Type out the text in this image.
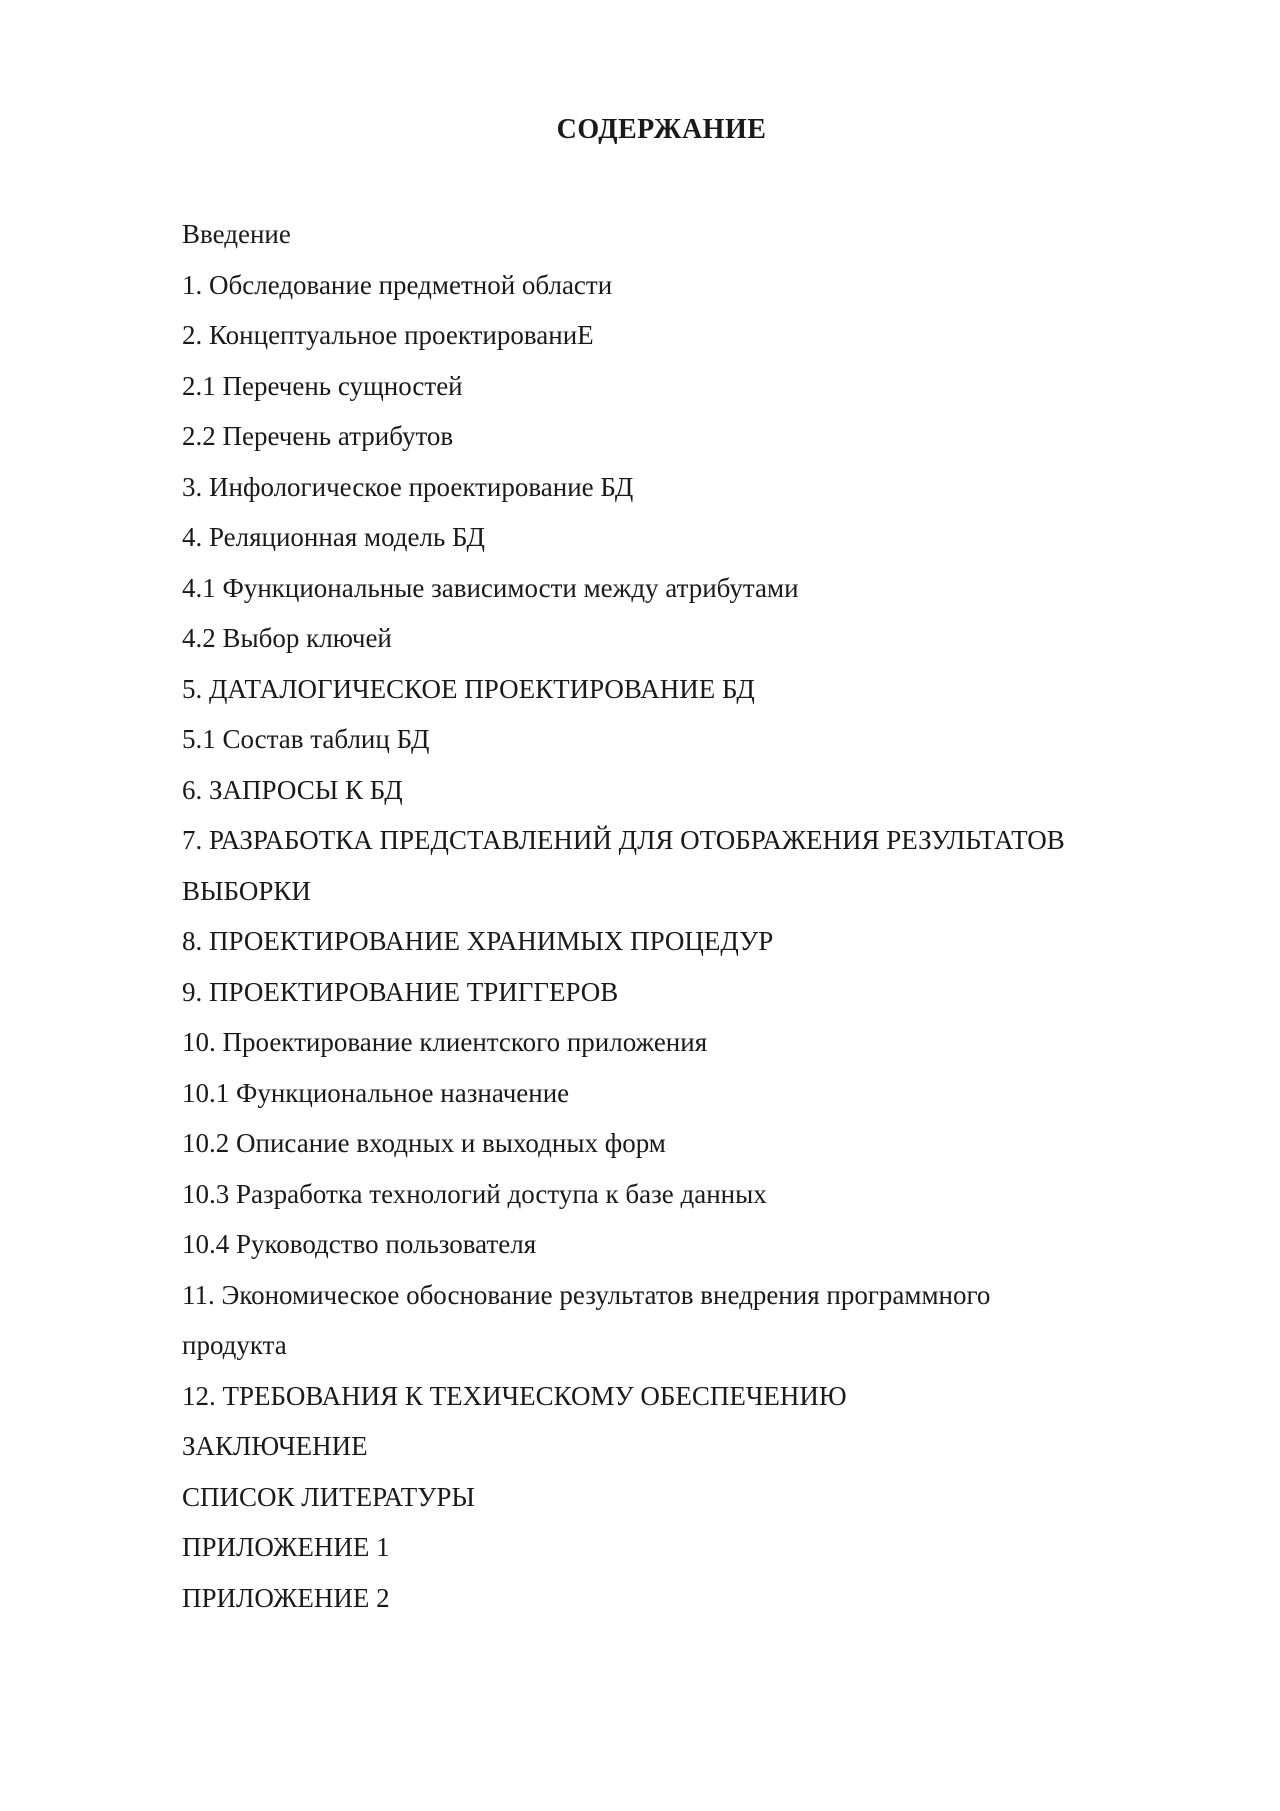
СОДЕРЖАНИЕ
Введение
1. Обследование предметной области
2. Концептуальное проектированиЕ
2.1 Перечень сущностей
2.2 Перечень атрибутов
3. Инфологическое проектирование БД
4. Реляционная модель БД
4.1 Функциональные зависимости между атрибутами
4.2 Выбор ключей
5. ДАТАЛОГИЧЕСКОЕ ПРОЕКТИРОВАНИЕ БД
5.1 Состав таблиц БД
6. ЗАПРОСЫ К БД
7. РАЗРАБОТКА ПРЕДСТАВЛЕНИЙ ДЛЯ ОТОБРАЖЕНИЯ РЕЗУЛЬТАТОВ
ВЫБОРКИ
8. ПРОЕКТИРОВАНИЕ ХРАНИМЫХ ПРОЦЕДУР
9. ПРОЕКТИРОВАНИЕ ТРИГГЕРОВ
10. Проектирование клиентского приложения
10.1 Функциональное назначение
10.2 Описание входных и выходных форм
10.3 Разработка технологий доступа к базе данных
10.4 Руководство пользователя
11. Экономическое обоснование результатов внедрения программного
продукта
12. ТРЕБОВАНИЯ К ТЕХИЧЕСКОМУ ОБЕСПЕЧЕНИЮ
ЗАКЛЮЧЕНИЕ
СПИСОК ЛИТЕРАТУРЫ
ПРИЛОЖЕНИЕ 1
ПРИЛОЖЕНИЕ 2
